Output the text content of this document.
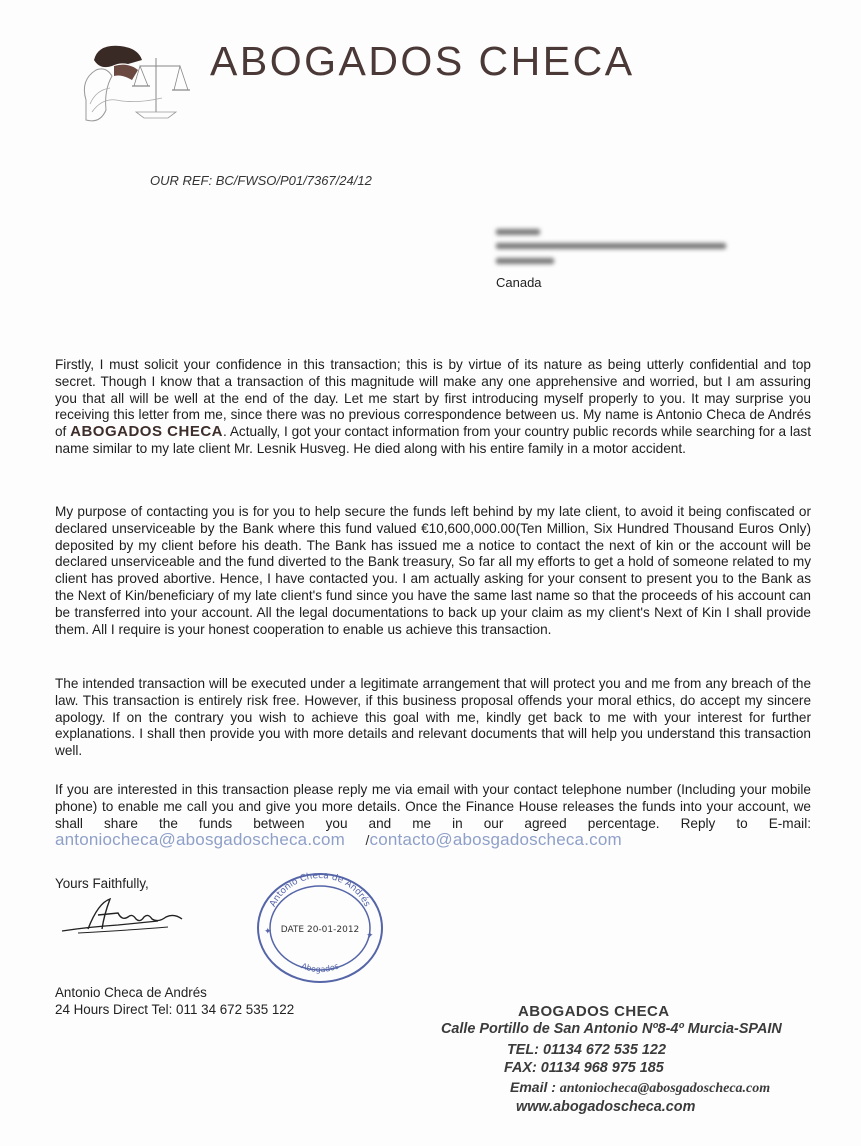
ABOGADOS CHECA
OUR REF: BC/FWSO/P01/7367/24/12
Canada

Firstly, I must solicit your confidence in this transaction; this is by virtue of its nature as being utterly confidential and top secret. Though I know that a transaction of this magnitude will make any one apprehensive and worried, but I am assuring you that all will be well at the end of the day. Let me start by first introducing myself properly to you. It may surprise you receiving this letter from me, since there was no previous correspondence between us. My name is Antonio Checa de Andrés of ABOGADOS CHECA. Actually, I got your contact information from your country public records while searching for a last name similar to my late client Mr. Lesnik Husveg. He died along with his entire family in a motor accident.

My purpose of contacting you is for you to help secure the funds left behind by my late client, to avoid it being confiscated or declared unserviceable by the Bank where this fund valued €10,600,000.00(Ten Million, Six Hundred Thousand Euros Only) deposited by my client before his death. The Bank has issued me a notice to contact the next of kin or the account will be declared unserviceable and the fund diverted to the Bank treasury, So far all my efforts to get a hold of someone related to my client has proved abortive. Hence, I have contacted you. I am actually asking for your consent to present you to the Bank as the Next of Kin/beneficiary of my late client's fund since you have the same last name so that the proceeds of his account can be transferred into your account. All the legal documentations to back up your claim as my client's Next of Kin I shall provide them. All I require is your honest cooperation to enable us achieve this transaction.

The intended transaction will be executed under a legitimate arrangement that will protect you and me from any breach of the law. This transaction is entirely risk free. However, if this business proposal offends your moral ethics, do accept my sincere apology. If on the contrary you wish to achieve this goal with me, kindly get back to me with your interest for further explanations. I shall then provide you with more details and relevant documents that will help you understand this transaction well.

If you are interested in this transaction please reply me via email with your contact telephone number (Including your mobile phone) to enable me call you and give you more details. Once the Finance House releases the funds into your account, we shall share the funds between you and me in our agreed percentage. Reply to E-mail: antoniocheca@abosgadoscheca.com /contacto@abosgadoscheca.com

Yours Faithfully,
Antonio Checa de Andrés
DATE 20-01-2012
Abogados
✦	✦
Antonio Checa de Andrés
24 Hours Direct Tel: 011 34 672 535 122	ABOGADOS CHECA
Calle Portillo de San Antonio Nº8-4º Murcia-SPAIN
TEL: 01134 672 535 122
FAX: 01134 968 975 185
Email : antoniocheca@abosgadoscheca.com
www.abogadoscheca.com
